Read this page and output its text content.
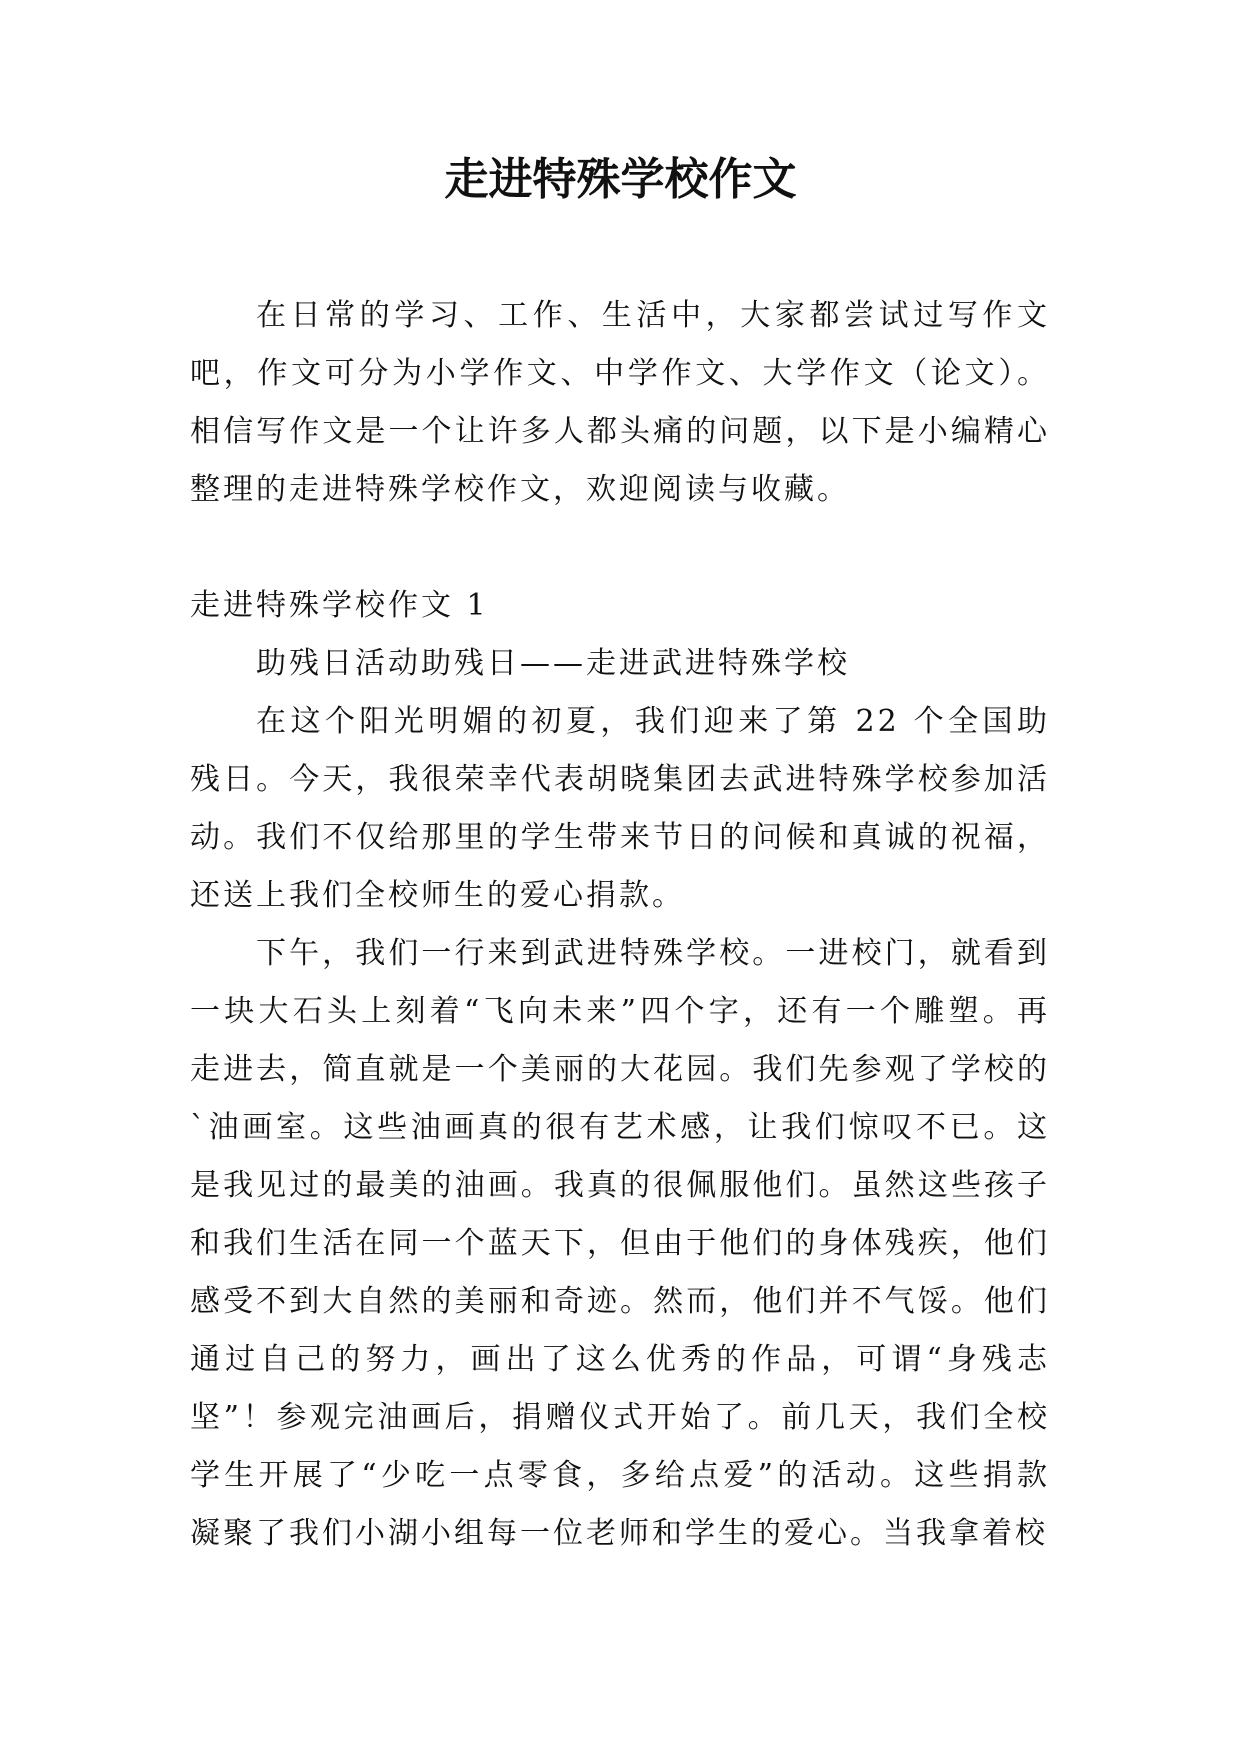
走进特殊学校作文

在日常的学习、工作、生活中，大家都尝试过写作文吧，作文可分为小学作文、中学作文、大学作文（论文）。相信写作文是一个让许多人都头痛的问题，以下是小编精心整理的走进特殊学校作文，欢迎阅读与收藏。

走进特殊学校作文 1

助残日活动助残日——走进武进特殊学校

在这个阳光明媚的初夏，我们迎来了第 22 个全国助残日。今天，我很荣幸代表胡晓集团去武进特殊学校参加活动。我们不仅给那里的学生带来节日的问候和真诚的祝福，还送上我们全校师生的爱心捐款。

下午，我们一行来到武进特殊学校。一进校门，就看到一块大石头上刻着“飞向未来”四个字，还有一个雕塑。再走进去，简直就是一个美丽的大花园。我们先参观了学校的`油画室。这些油画真的很有艺术感，让我们惊叹不已。这是我见过的最美的油画。我真的很佩服他们。虽然这些孩子和我们生活在同一个蓝天下，但由于他们的身体残疾，他们感受不到大自然的美丽和奇迹。然而，他们并不气馁。他们通过自己的努力，画出了这么优秀的作品，可谓“身残志坚”！参观完油画后，捐赠仪式开始了。前几天，我们全校学生开展了“少吃一点零食，多给点爱”的活动。这些捐款凝聚了我们小湖小组每一位老师和学生的爱心。当我拿着校
